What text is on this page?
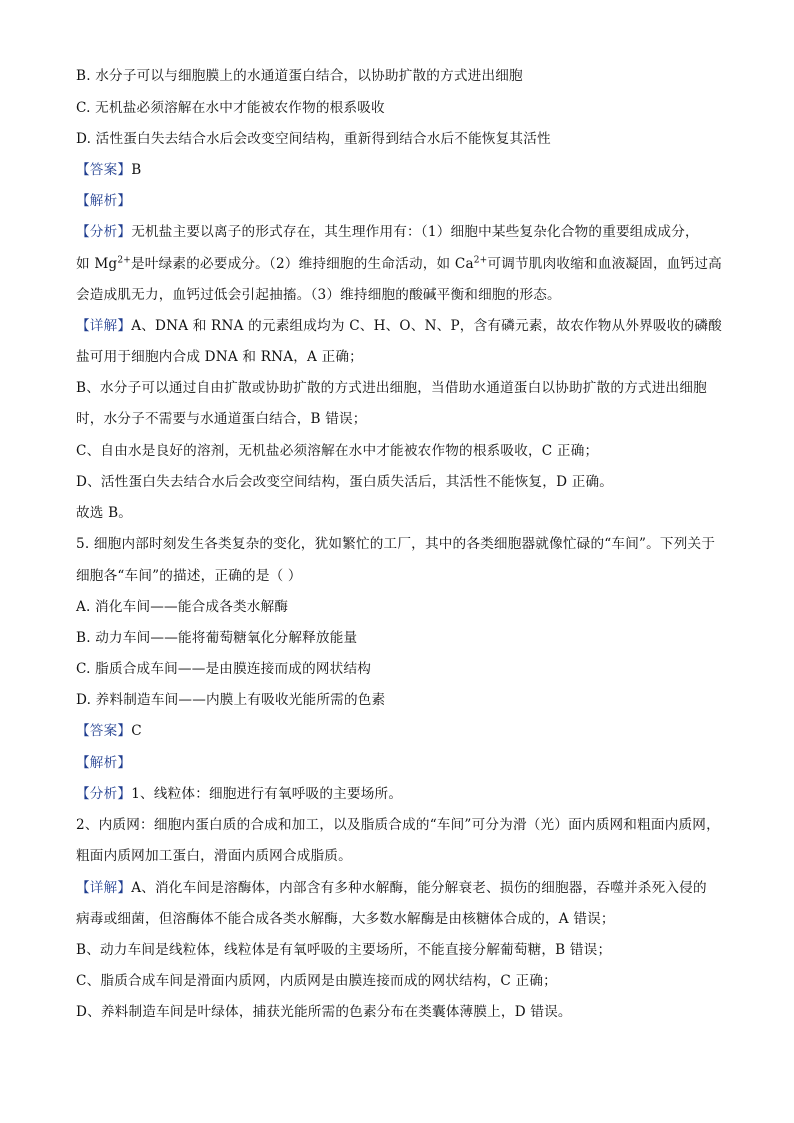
B. 水分子可以与细胞膜上的水通道蛋白结合，以协助扩散的方式进出细胞
C. 无机盐必须溶解在水中才能被农作物的根系吸收
D. 活性蛋白失去结合水后会改变空间结构，重新得到结合水后不能恢复其活性
【答案】B
【解析】
【分析】无机盐主要以离子的形式存在，其生理作用有：（1）细胞中某些复杂化合物的重要组成成分，
如 $Mg^{2+}$是叶绿素的必要成分。（2）维持细胞的生命活动，如 $Ca^{2+}$可调节肌肉收缩和血液凝固，血钙过高
会造成肌无力，血钙过低会引起抽搐。（3）维持细胞的酸碱平衡和细胞的形态。
【详解】A、DNA 和 RNA 的元素组成均为 C、H、O、N、P，含有磷元素，故农作物从外界吸收的磷酸
盐可用于细胞内合成 DNA 和 RNA，A 正确；
B、水分子可以通过自由扩散或协助扩散的方式进出细胞，当借助水通道蛋白以协助扩散的方式进出细胞
时，水分子不需要与水通道蛋白结合，B 错误；
C、自由水是良好的溶剂，无机盐必须溶解在水中才能被农作物的根系吸收，C 正确；
D、活性蛋白失去结合水后会改变空间结构，蛋白质失活后，其活性不能恢复，D 正确。
故选 B。
5. 细胞内部时刻发生各类复杂的变化，犹如繁忙的工厂，其中的各类细胞器就像忙碌的“车间”。下列关于
细胞各“车间”的描述，正确的是（ ）
A. 消化车间——能合成各类水解酶
B. 动力车间——能将葡萄糖氧化分解释放能量
C. 脂质合成车间——是由膜连接而成的网状结构
D. 养料制造车间——内膜上有吸收光能所需的色素
【答案】C
【解析】
【分析】1、线粒体：细胞进行有氧呼吸的主要场所。
2、内质网：细胞内蛋白质的合成和加工，以及脂质合成的“车间”可分为滑（光）面内质网和粗面内质网，
粗面内质网加工蛋白，滑面内质网合成脂质。
【详解】A、消化车间是溶酶体，内部含有多种水解酶，能分解衰老、损伤的细胞器，吞噬并杀死入侵的
病毒或细菌，但溶酶体不能合成各类水解酶，大多数水解酶是由核糖体合成的，A 错误；
B、动力车间是线粒体，线粒体是有氧呼吸的主要场所，不能直接分解葡萄糖，B 错误；
C、脂质合成车间是滑面内质网，内质网是由膜连接而成的网状结构，C 正确；
D、养料制造车间是叶绿体，捕获光能所需的色素分布在类囊体薄膜上，D 错误。
